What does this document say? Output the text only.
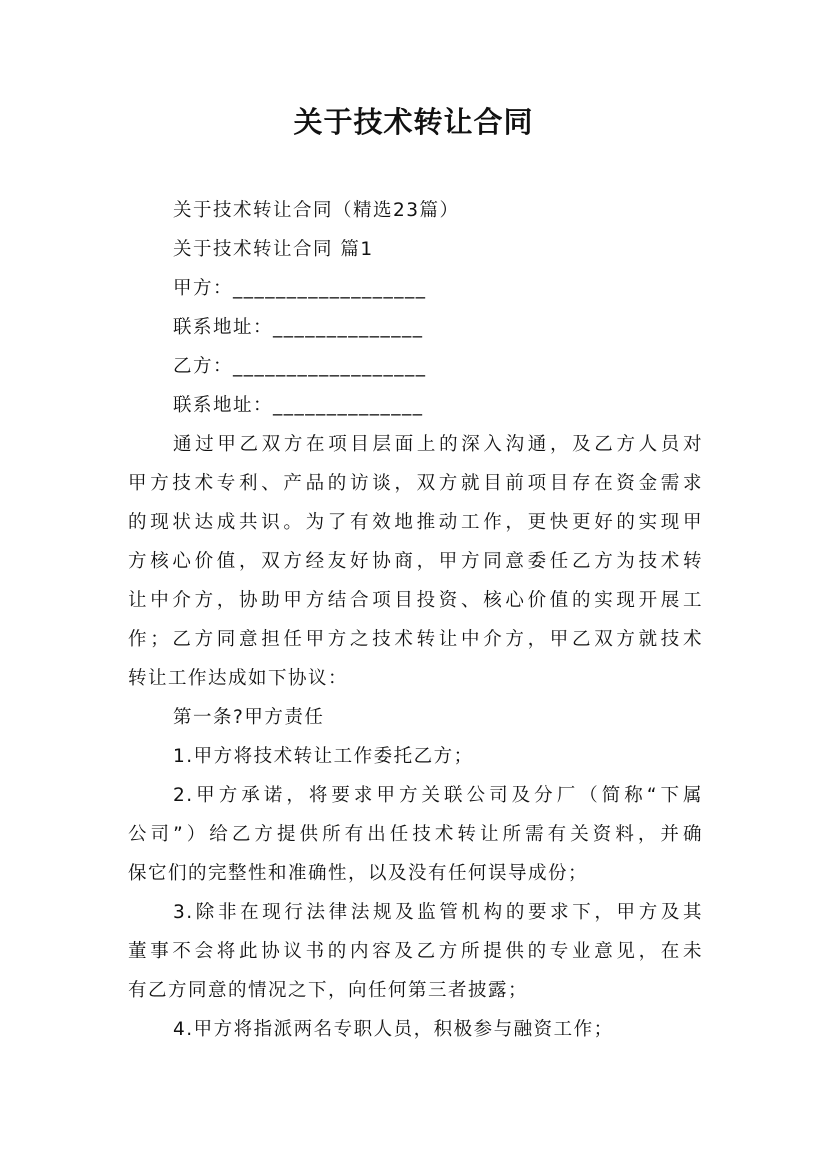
关于技术转让合同
关于技术转让合同（精选23篇）
关于技术转让合同 篇1
甲方：__________________
联系地址：______________
乙方：__________________
联系地址：______________
通过甲乙双方在项目层面上的深入沟通，及乙方人员对
甲方技术专利、产品的访谈，双方就目前项目存在资金需求
的现状达成共识。为了有效地推动工作，更快更好的实现甲
方核心价值，双方经友好协商，甲方同意委任乙方为技术转
让中介方，协助甲方结合项目投资、核心价值的实现开展工
作；乙方同意担任甲方之技术转让中介方，甲乙双方就技术
转让工作达成如下协议：
第一条?甲方责任
1.甲方将技术转让工作委托乙方；
2.甲方承诺，将要求甲方关联公司及分厂（简称“下属
公司”）给乙方提供所有出任技术转让所需有关资料，并确
保它们的完整性和准确性，以及没有任何误导成份；
3.除非在现行法律法规及监管机构的要求下，甲方及其
董事不会将此协议书的内容及乙方所提供的专业意见，在未
有乙方同意的情况之下，向任何第三者披露；
4.甲方将指派两名专职人员，积极参与融资工作；
